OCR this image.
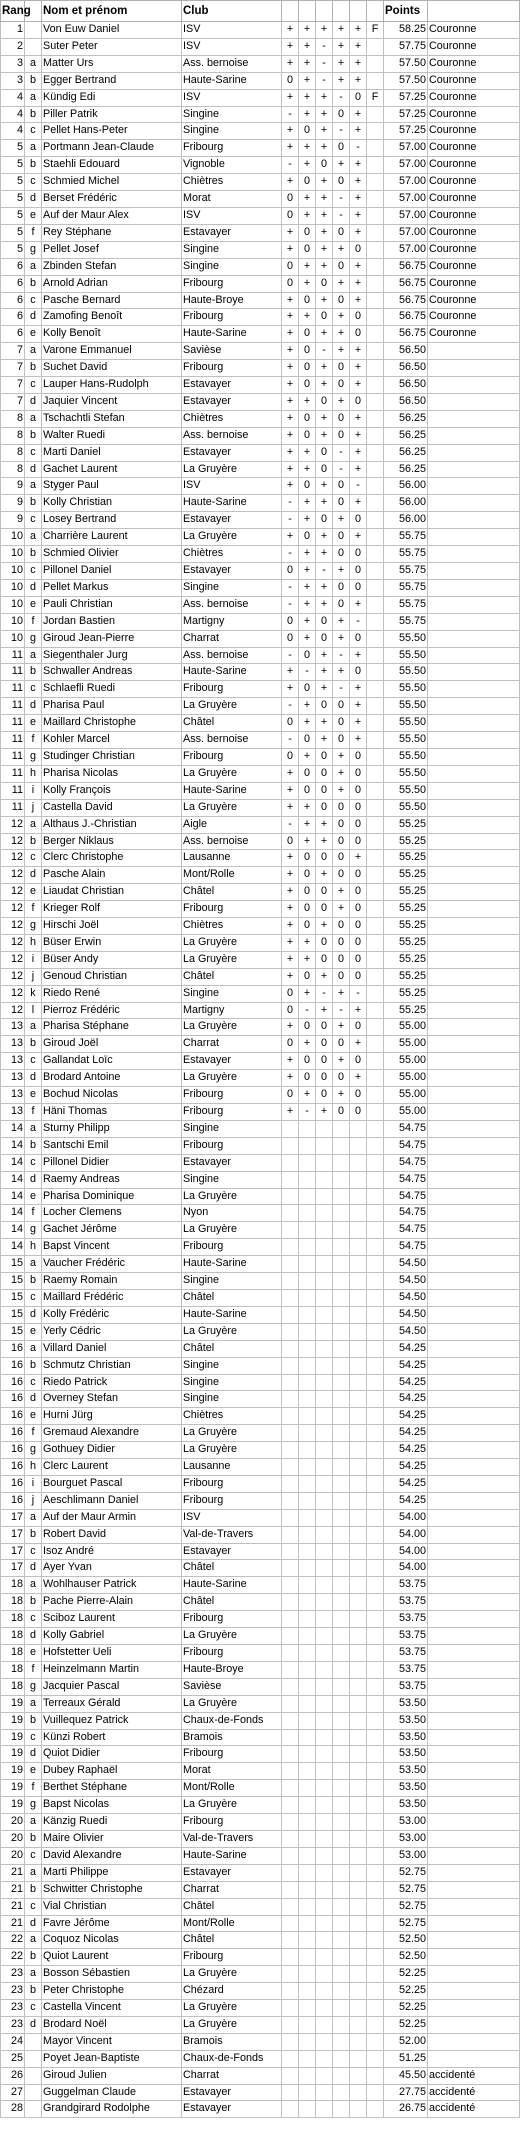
Rang		Nom et prénom	Club							Points	
1		Von Euw Daniel	ISV	+	+	+	+	+	F	58.25	Couronne
2		Suter Peter	ISV	+	+	-	+	+		57.75	Couronne
3	a	Matter Urs	Ass. bernoise	+	+	-	+	+		57.50	Couronne
3	b	Egger Bertrand	Haute-Sarine	0	+	-	+	+		57.50	Couronne
4	a	Kündig Edi	ISV	+	+	+	-	0	F	57.25	Couronne
4	b	Piller Patrik	Singine	-	+	+	0	+		57.25	Couronne
4	c	Pellet Hans-Peter	Singine	+	0	+	-	+		57.25	Couronne
5	a	Portmann Jean-Claude	Fribourg	+	+	+	0	-		57.00	Couronne
5	b	Staehli Edouard	Vignoble	-	+	0	+	+		57.00	Couronne
5	c	Schmied Michel	Chiètres	+	0	+	0	+		57.00	Couronne
5	d	Berset Frédéric	Morat	0	+	+	-	+		57.00	Couronne
5	e	Auf der Maur Alex	ISV	0	+	+	-	+		57.00	Couronne
5	f	Rey Stéphane	Estavayer	+	0	+	0	+		57.00	Couronne
5	g	Pellet Josef	Singine	+	0	+	+	0		57.00	Couronne
6	a	Zbinden Stefan	Singine	0	+	+	0	+		56.75	Couronne
6	b	Arnold Adrian	Fribourg	0	+	0	+	+		56.75	Couronne
6	c	Pasche Bernard	Haute-Broye	+	0	+	0	+		56.75	Couronne
6	d	Zamofing Benoît	Fribourg	+	+	0	+	0		56.75	Couronne
6	e	Kolly Benoît	Haute-Sarine	+	0	+	+	0		56.75	Couronne
7	a	Varone Emmanuel	Savièse	+	0	-	+	+		56.50	
7	b	Suchet David	Fribourg	+	0	+	0	+		56.50	
7	c	Lauper Hans-Rudolph	Estavayer	+	0	+	0	+		56.50	
7	d	Jaquier Vincent	Estavayer	+	+	0	+	0		56.50	
8	a	Tschachtli Stefan	Chiètres	+	0	+	0	+		56.25	
8	b	Walter Ruedi	Ass. bernoise	+	0	+	0	+		56.25	
8	c	Marti Daniel	Estavayer	+	+	0	-	+		56.25	
8	d	Gachet Laurent	La Gruyère	+	+	0	-	+		56.25	
9	a	Styger Paul	ISV	+	0	+	0	-		56.00	
9	b	Kolly Christian	Haute-Sarine	-	+	+	0	+		56.00	
9	c	Losey Bertrand	Estavayer	-	+	0	+	0		56.00	
10	a	Charrière Laurent	La Gruyère	+	0	+	0	+		55.75	
10	b	Schmied Olivier	Chiètres	-	+	+	0	0		55.75	
10	c	Pillonel Daniel	Estavayer	0	+	-	+	0		55.75	
10	d	Pellet Markus	Singine	-	+	+	0	0		55.75	
10	e	Pauli Christian	Ass. bernoise	-	+	+	0	+		55.75	
10	f	Jordan Bastien	Martigny	0	+	0	+	-		55.75	
10	g	Giroud Jean-Pierre	Charrat	0	+	0	+	0		55.50	
11	a	Siegenthaler Jurg	Ass. bernoise	-	0	+	-	+		55.50	
11	b	Schwaller Andreas	Haute-Sarine	+	-	+	+	0		55.50	
11	c	Schlaefli Ruedi	Fribourg	+	0	+	-	+		55.50	
11	d	Pharisa Paul	La Gruyère	-	+	0	0	+		55.50	
11	e	Maillard Christophe	Châtel	0	+	+	0	+		55.50	
11	f	Kohler Marcel	Ass. bernoise	-	0	+	0	+		55.50	
11	g	Studinger Christian	Fribourg	0	+	0	+	0		55.50	
11	h	Pharisa Nicolas	La Gruyère	+	0	0	+	0		55.50	
11	i	Kolly François	Haute-Sarine	+	0	0	+	0		55.50	
11	j	Castella David	La Gruyère	+	+	0	0	0		55.50	
12	a	Althaus J.-Christian	Aigle	-	+	+	0	0		55.25	
12	b	Berger Niklaus	Ass. bernoise	0	+	+	0	0		55.25	
12	c	Clerc Christophe	Lausanne	+	0	0	0	+		55.25	
12	d	Pasche Alain	Mont/Rolle	+	0	+	0	0		55.25	
12	e	Liaudat Christian	Châtel	+	0	0	+	0		55.25	
12	f	Krieger Rolf	Fribourg	+	0	0	+	0		55.25	
12	g	Hirschi Joël	Chiètres	+	0	+	0	0		55.25	
12	h	Büser Erwin	La Gruyère	+	+	0	0	0		55.25	
12	i	Büser Andy	La Gruyère	+	+	0	0	0		55.25	
12	j	Genoud Christian	Châtel	+	0	+	0	0		55.25	
12	k	Riedo René	Singine	0	+	-	+	-		55.25	
12	l	Pierroz Frédéric	Martigny	0	-	+	-	+		55.25	
13	a	Pharisa Stéphane	La Gruyère	+	0	0	+	0		55.00	
13	b	Giroud Joël	Charrat	0	+	0	0	+		55.00	
13	c	Gallandat Loïc	Estavayer	+	0	0	+	0		55.00	
13	d	Brodard Antoine	La Gruyère	+	0	0	0	+		55.00	
13	e	Bochud Nicolas	Fribourg	0	+	0	+	0		55.00	
13	f	Häni Thomas	Fribourg	+	-	+	0	0		55.00	
14	a	Sturny Philipp	Singine							54.75	
14	b	Santschi Emil	Fribourg							54.75	
14	c	Pillonel Didier	Estavayer							54.75	
14	d	Raemy Andreas	Singine							54.75	
14	e	Pharisa Dominique	La Gruyère							54.75	
14	f	Locher Clemens	Nyon							54.75	
14	g	Gachet Jérôme	La Gruyère							54.75	
14	h	Bapst Vincent	Fribourg							54.75	
15	a	Vaucher Frédéric	Haute-Sarine							54.50	
15	b	Raemy Romain	Singine							54.50	
15	c	Maillard Frédéric	Châtel							54.50	
15	d	Kolly Frédéric	Haute-Sarine							54.50	
15	e	Yerly Cédric	La Gruyère							54.50	
16	a	Villard Daniel	Châtel							54.25	
16	b	Schmutz Christian	Singine							54.25	
16	c	Riedo Patrick	Singine							54.25	
16	d	Overney Stefan	Singine							54.25	
16	e	Hurni Jürg	Chiètres							54.25	
16	f	Gremaud Alexandre	La Gruyère							54.25	
16	g	Gothuey Didier	La Gruyère							54.25	
16	h	Clerc Laurent	Lausanne							54.25	
16	i	Bourguet Pascal	Fribourg							54.25	
16	j	Aeschlimann Daniel	Fribourg							54.25	
17	a	Auf der Maur Armin	ISV							54.00	
17	b	Robert David	Val-de-Travers							54.00	
17	c	Isoz André	Estavayer							54.00	
17	d	Ayer Yvan	Châtel							54.00	
18	a	Wohlhauser Patrick	Haute-Sarine							53.75	
18	b	Pache Pierre-Alain	Châtel							53.75	
18	c	Sciboz Laurent	Fribourg							53.75	
18	d	Kolly Gabriel	La Gruyère							53.75	
18	e	Hofstetter Ueli	Fribourg							53.75	
18	f	Heinzelmann Martin	Haute-Broye							53.75	
18	g	Jacquier Pascal	Savièse							53.75	
19	a	Terreaux Gérald	La Gruyère							53.50	
19	b	Vuillequez Patrick	Chaux-de-Fonds							53.50	
19	c	Künzi Robert	Bramois							53.50	
19	d	Quiot Didier	Fribourg							53.50	
19	e	Dubey Raphaël	Morat							53.50	
19	f	Berthet Stéphane	Mont/Rolle							53.50	
19	g	Bapst Nicolas	La Gruyère							53.50	
20	a	Känzig Ruedi	Fribourg							53.00	
20	b	Maire Olivier	Val-de-Travers							53.00	
20	c	David Alexandre	Haute-Sarine							53.00	
21	a	Marti Philippe	Estavayer							52.75	
21	b	Schwitter Christophe	Charrat							52.75	
21	c	Vial Christian	Châtel							52.75	
21	d	Favre Jérôme	Mont/Rolle							52.75	
22	a	Coquoz Nicolas	Châtel							52.50	
22	b	Quiot Laurent	Fribourg							52.50	
23	a	Bosson Sébastien	La Gruyère							52.25	
23	b	Peter Christophe	Chézard							52.25	
23	c	Castella Vincent	La Gruyère							52.25	
23	d	Brodard Noël	La Gruyère							52.25	
24		Mayor Vincent	Bramois							52.00	
25		Poyet Jean-Baptiste	Chaux-de-Fonds							51.25	
26		Giroud Julien	Charrat							45.50	accidenté
27		Guggelman Claude	Estavayer							27.75	accidenté
28		Grandgirard Rodolphe	Estavayer							26.75	accidenté
